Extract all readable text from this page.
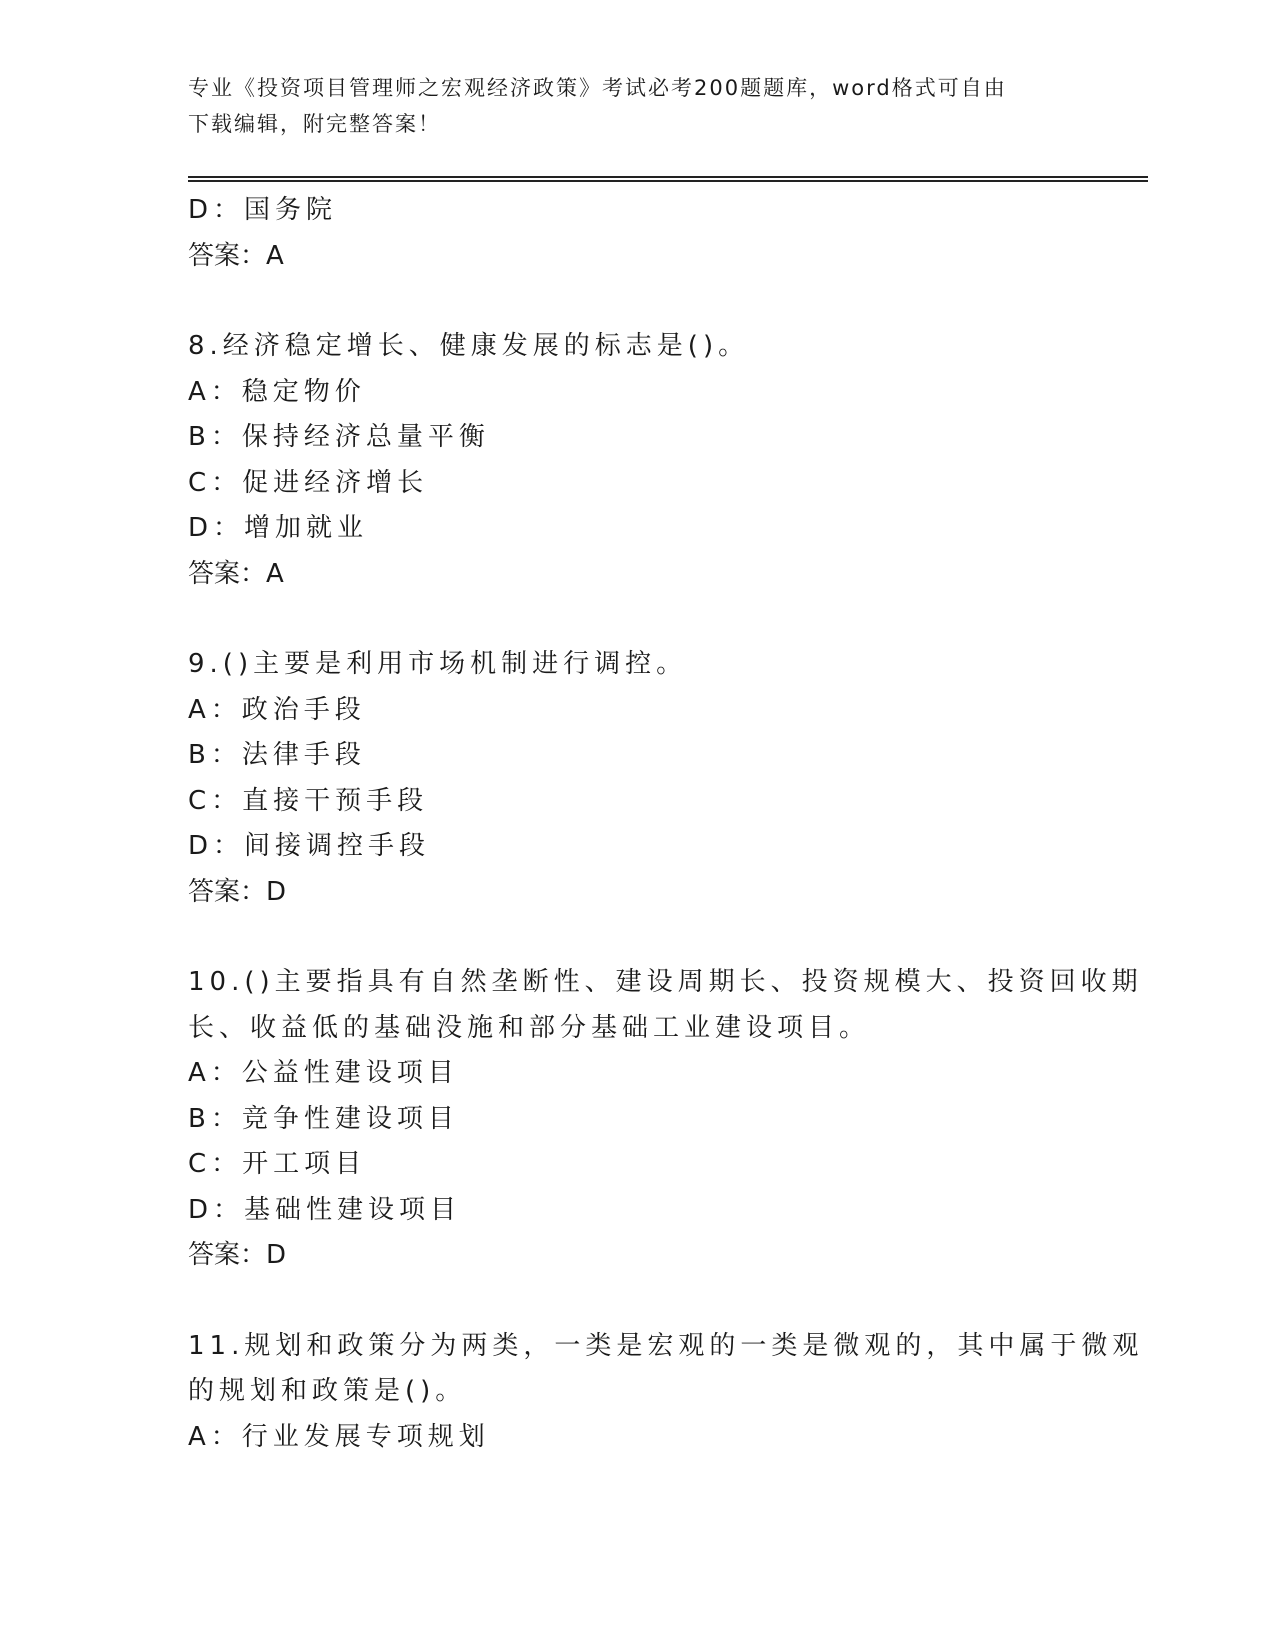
专业《投资项目管理师之宏观经济政策》考试必考200题题库，word格式可自由
下载编辑，附完整答案！
D：国务院
答案：A
8.经济稳定增长、健康发展的标志是()。
A：稳定物价
B：保持经济总量平衡
C：促进经济增长
D：增加就业
答案：A
9.()主要是利用市场机制进行调控。
A：政治手段
B：法律手段
C：直接干预手段
D：间接调控手段
答案：D
10.()主要指具有自然垄断性、建设周期长、投资规模大、投资回收期
长、收益低的基础没施和部分基础工业建设项目。
A：公益性建设项目
B：竞争性建设项目
C：开工项目
D：基础性建设项目
答案：D
11.规划和政策分为两类，一类是宏观的一类是微观的，其中属于微观
的规划和政策是()。
A：行业发展专项规划
